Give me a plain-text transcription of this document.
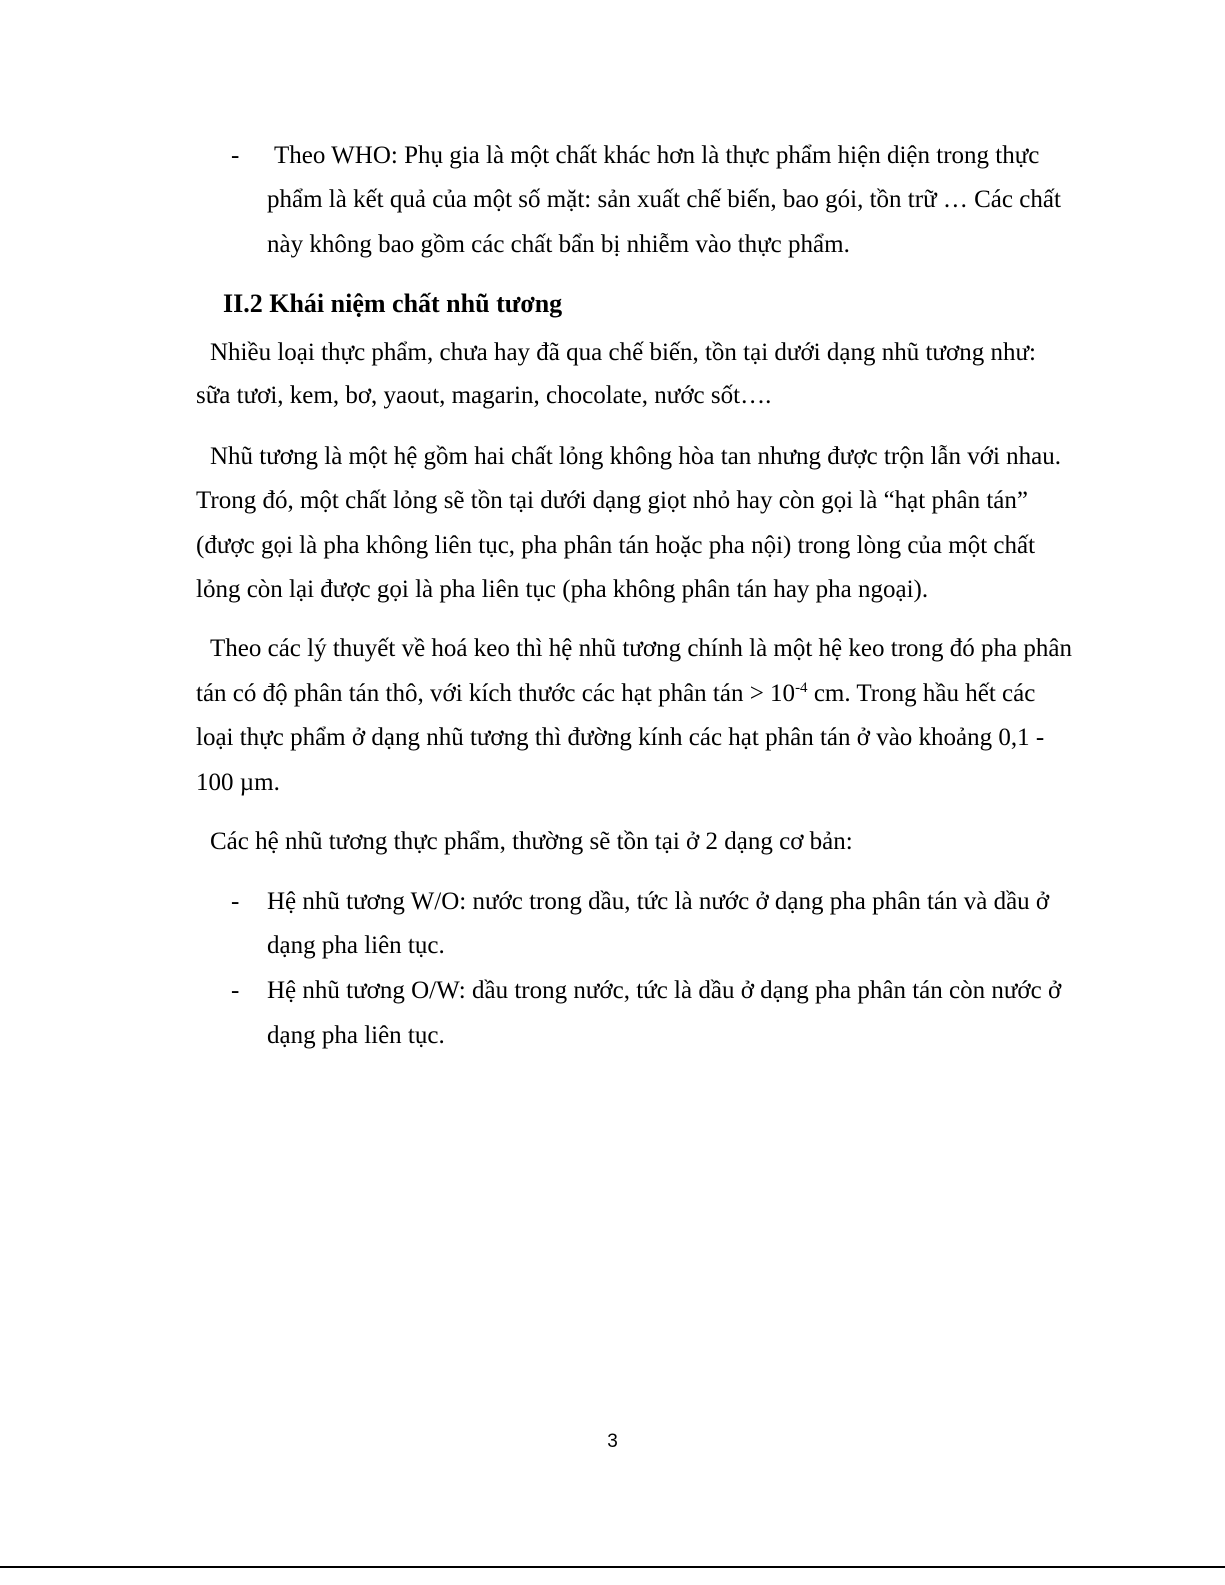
- Theo WHO: Phụ gia là một chất khác hơn là thực phẩm hiện diện trong thực

phẩm là kết quả của một số mặt: sản xuất chế biến, bao gói, tồn trữ … Các chất

này không bao gồm các chất bẩn bị nhiễm vào thực phẩm.

II.2 Khái niệm chất nhũ tương

Nhiều loại thực phẩm, chưa hay đã qua chế biến, tồn tại dưới dạng nhũ tương như:

sữa tươi, kem, bơ, yaout, magarin, chocolate, nước sốt….

Nhũ tương là một hệ gồm hai chất lỏng không hòa tan nhưng được trộn lẫn với nhau.

Trong đó, một chất lỏng sẽ tồn tại dưới dạng giọt nhỏ hay còn gọi là “hạt phân tán”

(được gọi là pha không liên tục, pha phân tán hoặc pha nội) trong lòng của một chất

lỏng còn lại được gọi là pha liên tục (pha không phân tán hay pha ngoại).

Theo các lý thuyết về hoá keo thì hệ nhũ tương chính là một hệ keo trong đó pha phân

tán có độ phân tán thô, với kích thước các hạt phân tán > $10^{-4}$ cm. Trong hầu hết các

loại thực phẩm ở dạng nhũ tương thì đường kính các hạt phân tán ở vào khoảng 0,1 -

100 µm.

Các hệ nhũ tương thực phẩm, thường sẽ tồn tại ở 2 dạng cơ bản:

- Hệ nhũ tương W/O: nước trong dầu, tức là nước ở dạng pha phân tán và dầu ở

dạng pha liên tục.

- Hệ nhũ tương O/W: dầu trong nước, tức là dầu ở dạng pha phân tán còn nước ở

dạng pha liên tục.

3
